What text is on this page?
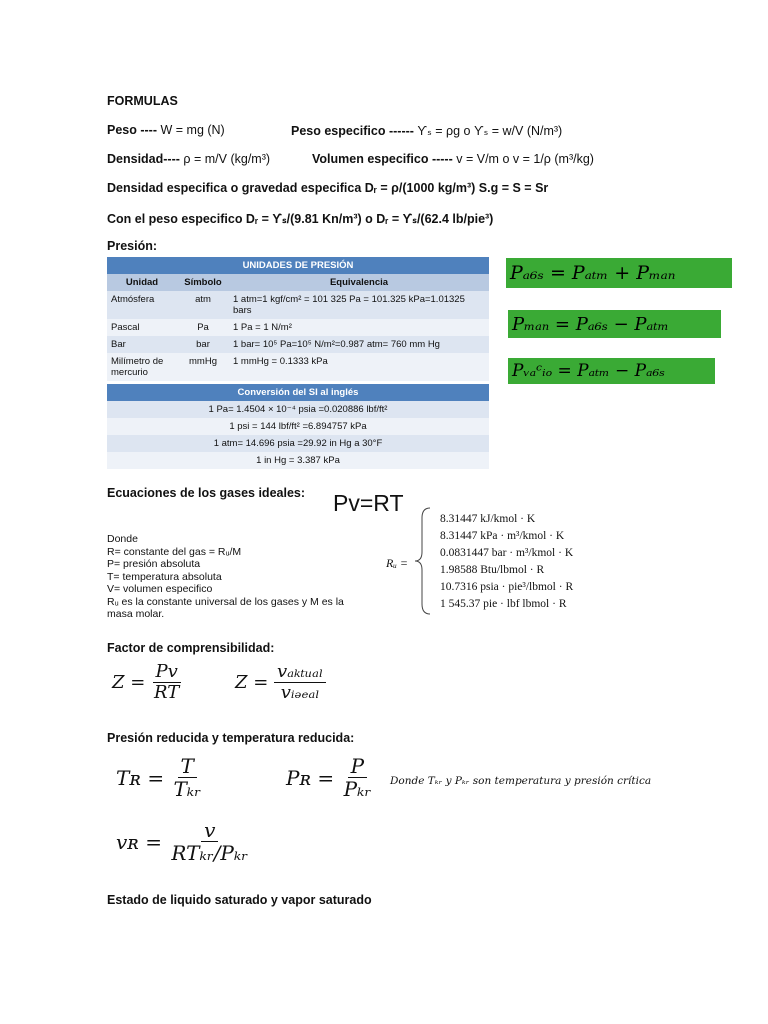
FORMULAS
Peso ---- W = mg (N)	Peso especifico ------ ϒₛ = ρg o ϒₛ = w/V (N/m³)
Densidad---- ρ = m/V (kg/m³)	Volumen especifico ----- v = V/m o v = 1/ρ (m³/kg)
Densidad especifica o gravedad especifica Dᵣ = ρ/(1000 kg/m³) S.g = S = Sr
Con el peso especifico Dᵣ = ϒₛ/(9.81 Kn/m³) o Dᵣ = ϒₛ/(62.4 lb/pie³)
Presión:
UNIDADES DE PRESIÓN		
Unidad	Símbolo	Equivalencia
Atmósfera	atm	1 atm=1 kgf/cm² = 101 325 Pa = 101.325 kPa=1.01325 bars
Pascal	Pa	1 Pa = 1 N/m²
Bar	bar	1 bar= 10⁵ Pa=10⁵ N/m²=0.987 atm= 760 mm Hg
Milímetro de mercurio	mmHg	1 mmHg = 0.1333 kPa
Conversión del SI al inglés
1 Pa= 1.4504 × 10⁻⁴ psia =0.020886 lbf/ft²
1 psi = 144 lbf/ft² =6.894757 kPa
1 atm= 14.696 psia =29.92 in Hg a 30°F
1 in Hg = 3.387 kPa
Pₐ₆ₛ = Pₐₜₘ + Pₘₐₙ
Pₘₐₙ = Pₐ₆ₛ − Pₐₜₘ
Pᵥₐᶜᵢₒ = Pₐₜₘ − Pₐ₆ₛ
Ecuaciones de los gases ideales: Pv=RT
Donde
R= constante del gas = Rᵤ/M
P= presión absoluta
T= temperatura absoluta
V= volumen especifico
Rᵤ es la constante universal de los gases y M es la
masa molar.
Rᵤ =
8.31447 kJ/kmol · K
8.31447 kPa · m³/kmol · K
0.0831447 bar · m³/kmol · K
1.98588 Btu/lbmol · R
10.7316 psia · pie³/lbmol · R
1 545.37 pie · lbf lbmol · R
Factor de comprensibilidad:
Z =
$\frac{Pv}{RT}$	Z =
$\frac{\text{vₐₖₜᵤₐₗ}}{\text{vᵢₔₑₐₗ}}$
Presión reducida y temperatura reducida:
Tʀ =
$\frac{T}{\text{Tₖᵣ}}$	Pʀ =
$\frac{P}{\text{Pₖᵣ}}$ Donde Tₖᵣ y Pₖᵣ son temperatura y presión crítica
vʀ =
$\frac{v}{\text{RTₖᵣ/Pₖᵣ}}$
Estado de liquido saturado y vapor saturado
